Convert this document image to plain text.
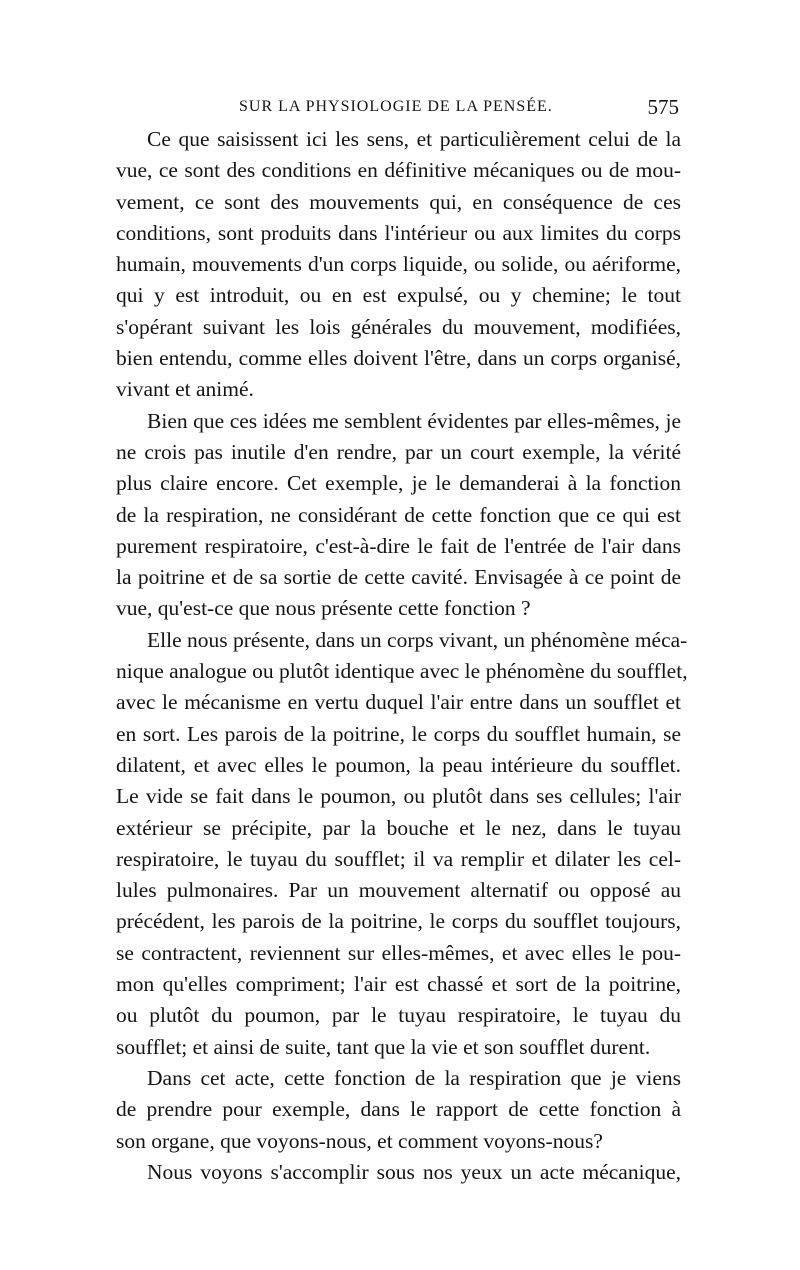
SUR LA PHYSIOLOGIE DE LA PENSÉE.	575
Ce que saisissent ici les sens, et particulièrement celui de la
vue, ce sont des conditions en définitive mécaniques ou de mou-
vement, ce sont des mouvements qui, en conséquence de ces
conditions, sont produits dans l'intérieur ou aux limites du corps
humain, mouvements d'un corps liquide, ou solide, ou aériforme,
qui y est introduit, ou en est expulsé, ou y chemine; le tout
s'opérant suivant les lois générales du mouvement, modifiées,
bien entendu, comme elles doivent l'être, dans un corps organisé,
vivant et animé.
Bien que ces idées me semblent évidentes par elles-mêmes, je
ne crois pas inutile d'en rendre, par un court exemple, la vérité
plus claire encore. Cet exemple, je le demanderai à la fonction
de la respiration, ne considérant de cette fonction que ce qui est
purement respiratoire, c'est-à-dire le fait de l'entrée de l'air dans
la poitrine et de sa sortie de cette cavité. Envisagée à ce point de
vue, qu'est-ce que nous présente cette fonction ?
Elle nous présente, dans un corps vivant, un phénomène méca-
nique analogue ou plutôt identique avec le phénomène du soufflet,
avec le mécanisme en vertu duquel l'air entre dans un soufflet et
en sort. Les parois de la poitrine, le corps du soufflet humain, se
dilatent, et avec elles le poumon, la peau intérieure du soufflet.
Le vide se fait dans le poumon, ou plutôt dans ses cellules; l'air
extérieur se précipite, par la bouche et le nez, dans le tuyau
respiratoire, le tuyau du soufflet; il va remplir et dilater les cel-
lules pulmonaires. Par un mouvement alternatif ou opposé au
précédent, les parois de la poitrine, le corps du soufflet toujours,
se contractent, reviennent sur elles-mêmes, et avec elles le pou-
mon qu'elles compriment; l'air est chassé et sort de la poitrine,
ou plutôt du poumon, par le tuyau respiratoire, le tuyau du
soufflet; et ainsi de suite, tant que la vie et son soufflet durent.
Dans cet acte, cette fonction de la respiration que je viens
de prendre pour exemple, dans le rapport de cette fonction à
son organe, que voyons-nous, et comment voyons-nous?
Nous voyons s'accomplir sous nos yeux un acte mécanique,
